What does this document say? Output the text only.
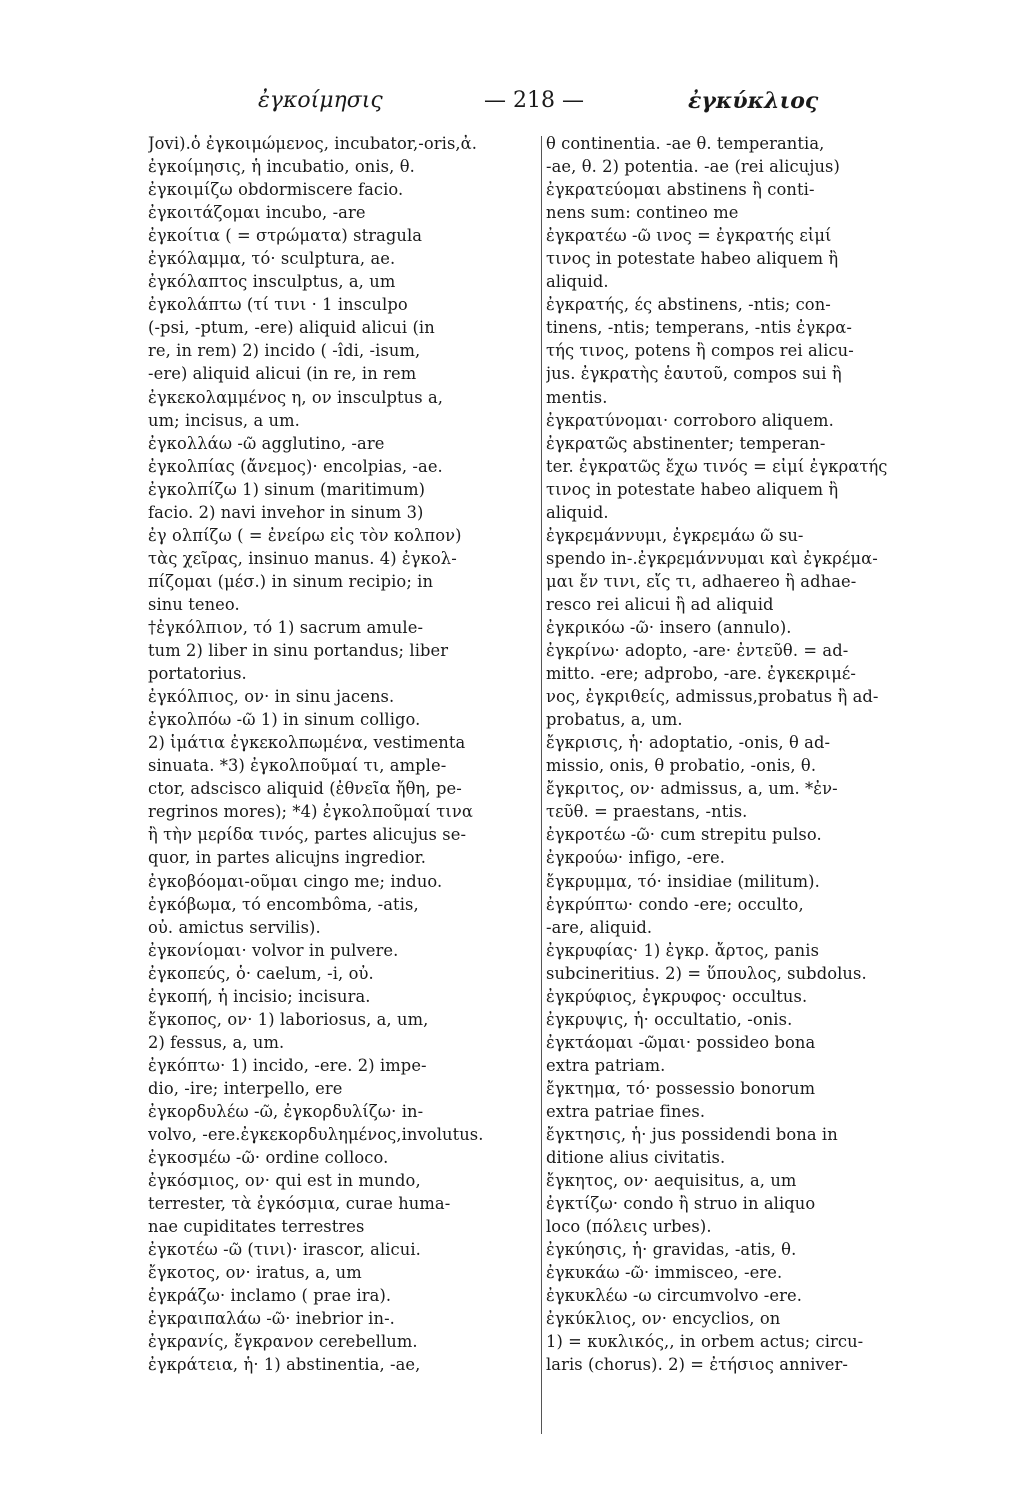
ἐγκοίμησις	— 218 —	ἐγκύκλιος
Jovi).ὁ ἐγκοιμώμενος, incubator,-oris,ἀ.
ἐγκοίμησις, ἡ incubatio, onis, θ.
ἐγκοιμίζω obdormiscere facio.
ἐγκοιτάζομαι incubo, -are
ἐγκοίτια ( = στρώματα) stragula
ἐγκόλαμμα, τό· sculptura, ae.
ἐγκόλαπτος insculptus, a, um
ἐγκολάπτω (τί τινι · 1 insculpo
(-psi, -ptum, -ere) aliquid alicui (in
re, in rem) 2) incido ( -îdi, -isum,
-ere) aliquid alicui (in re, in rem
ἐγκεκολαμμένος η, ον insculptus a,
um; incisus, a um.
ἐγκολλάω -ῶ agglutino, -are
ἐγκολπίας (ἄνεμος)· encolpias, -ae.
ἐγκολπίζω 1) sinum (maritimum)
facio. 2) navi invehor in sinum 3)
ἐγ ολπίζω ( = ἐνείρω εἰς τὸν κολπον)
τὰς χεῖρας, insinuo manus. 4) ἐγκολ-
πίζομαι (μέσ.) in sinum recipio; in
sinu teneo.
†ἐγκόλπιον, τό 1) sacrum amule-
tum 2) liber in sinu portandus; liber
portatorius.
ἐγκόλπιος, ον· in sinu jacens.
ἐγκολπόω -ῶ 1) in sinum colligo.
2) ἱμάτια ἐγκεκολπωμένα, vestimenta
sinuata. *3) ἐγκολποῦμαί τι, ample-
ctor, adsciscо aliquid (ἐθνεῖα ἤθη, pe-
regrinos mores); *4) ἐγκολποῦμαί τινα
ἢ τὴν μερίδα τινός, partes alicujus se-
quor, in partes alicujns ingredior.
ἐγκοβόομαι-οῦμαι cingo me; induo.
ἐγκόβωμα, τό encombôma, -atis,
οὐ. amictus servilis).
ἐγκονίομαι· volvor in pulvere.
ἐγκοπεύς, ὁ· caelum, -i, οὐ.
ἐγκοπή, ἡ incisio; incisura.
ἔγκοπος, ον· 1) laboriosus, a, um,
2) fessus, a, um.
ἐγκόπτω· 1) incido, -ere. 2) impe-
dio, -ire; interpello, ere
ἐγκορδυλέω -ῶ, ἐγκορδυλίζω· in-
volvo, -ere.ἐγκεκορδυλημένος,involutus.
ἐγκοσμέω -ῶ· ordine colloco.
ἐγκόσμιος, ον· qui est in mundo,
terrester, τὰ ἐγκόσμια, curae huma-
nae cupiditates terrestres
ἐγκοτέω -ῶ (τινι)· irascor, alicui.
ἔγκοτος, ον· iratus, a, um
ἐγκράζω· inclamo ( prae ira).
ἐγκραιπαλάω -ῶ· inebrior in-.
ἐγκρανίς, ἔγκρανον cerebellum.
ἐγκράτεια, ἡ· 1) abstinentia, -ae,
θ continentia. -ae θ. temperantia,
-ae, θ. 2) potentia. -ae (rei alicujus)
ἐγκρατεύομαι abstinens ἢ conti-
nens sum: contineo me
ἐγκρατέω -ῶ ινος = ἐγκρατής εἰμί
τινος in potestate habeo aliquem ἢ
aliquid.
ἐγκρατής, ές abstinens, -ntis; con-
tinens, -ntis; temperans, -ntis ἐγκρα-
τής τινος, potens ἢ compos rei alicu-
jus. ἐγκρατὴς ἑαυτοῦ, compos sui ἢ
mentis.
ἐγκρατύνομαι· corroboro aliquem.
ἐγκρατῶς abstinenter; temperan-
ter. ἐγκρατῶς ἔχω τινός = εἰμί ἐγκρατής
τινος in potestate habeo aliquem ἢ
aliquid.
ἐγκρεμάννυμι, ἐγκρεμάω ῶ su-
spendo in-.ἐγκρεμάννυμαι καὶ ἐγκρέμα-
μαι ἔν τινι, εἴς τι, adhaereo ἢ adhae-
resco rei alicui ἢ ad aliquid
ἐγκρικόω -ῶ· insero (annulo).
ἐγκρίνω· adopto, -are· ἐντεῦθ. = ad-
mitto. -ere; adprobo, -are. ἐγκεκριμέ-
νος, ἐγκριθείς, admissus,probatus ἢ ad-
probatus, a, um.
ἔγκρισις, ἡ· adoptatio, -onis, θ ad-
missio, onis, θ probatio, -onis, θ.
ἔγκριτος, ον· admissus, a, um. *ἐν-
τεῦθ. = praestans, -ntis.
ἐγκροτέω -ῶ· cum strepitu pulso.
ἐγκρούω· infigo, -ere.
ἔγκρυμμα, τό· insidiae (militum).
ἐγκρύπτω· condo -ere; occulto,
-are, aliquid.
ἐγκρυφίας· 1) ἐγκρ. ἄρτος, panis
subcineritius. 2) = ὕπουλος, subdolus.
ἐγκρύφιος, ἐγκρυφος· occultus.
ἐγκρυψις, ἡ· occultatio, -onis.
ἐγκτάομαι -ῶμαι· possideo bona
extra patriam.
ἔγκτημα, τό· possessio bonorum
extra patriae fines.
ἔγκτησις, ἡ· jus possidendi bona in
ditione alius civitatis.
ἔγκητος, ον· aequisitus, a, um
ἐγκτίζω· condo ἢ struo in aliquo
loco (πόλεις urbes).
ἐγκύησις, ἡ· gravidas, -atis, θ.
ἐγκυκάω -ῶ· immisceo, -ere.
ἐγκυκλέω -ω circumvolvo -ere.
ἐγκύκλιος, ον· encyclios, on
1) = κυκλικός,, in orbem actus; circu-
laris (chorus). 2) = ἐτήσιος anniver-
